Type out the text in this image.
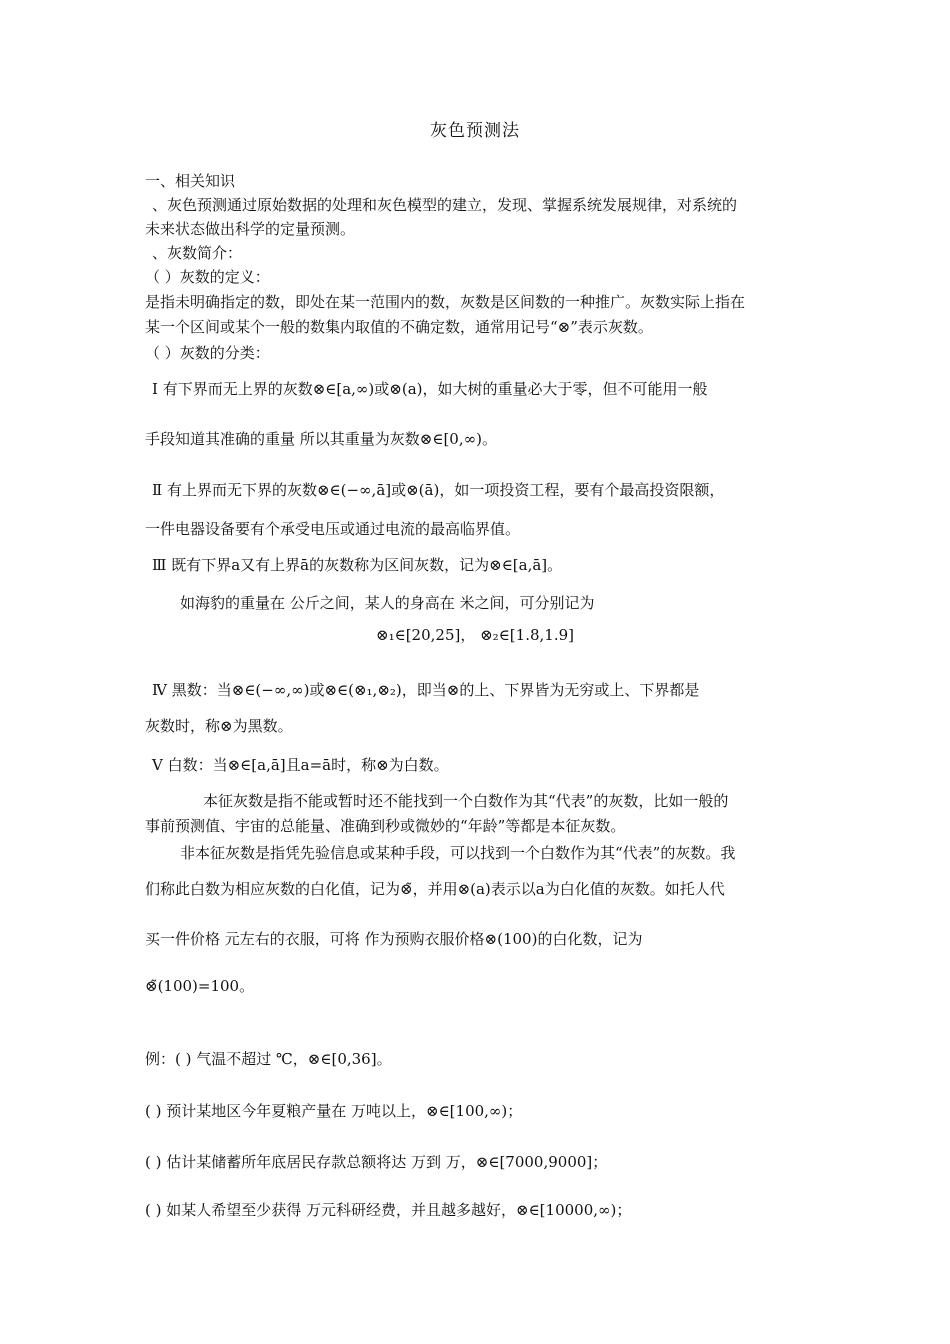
灰色预测法
一、相关知识
、灰色预测通过原始数据的处理和灰色模型的建立，发现、掌握系统发展规律，对系统的
未来状态做出科学的定量预测。
、灰数简介：
（ ）灰数的定义：
是指未明确指定的数，即处在某一范围内的数，灰数是区间数的一种推广。灰数实际上指在
某一个区间或某个一般的数集内取值的不确定数，通常用记号“⊗”表示灰数。
（ ）灰数的分类：
Ⅰ 有下界而无上界的灰数⊗∈[a,∞)或⊗(a)，如大树的重量必大于零，但不可能用一般
手段知道其准确的重量 所以其重量为灰数⊗∈[0,∞)。
Ⅱ 有上界而无下界的灰数⊗∈(−∞,ā]或⊗(ā)，如一项投资工程，要有个最高投资限额，
一件电器设备要有个承受电压或通过电流的最高临界值。
Ⅲ 既有下界a又有上界ā的灰数称为区间灰数，记为⊗∈[a,ā]。
如海豹的重量在 公斤之间，某人的身高在 米之间，可分别记为
⊗₁∈[20,25]， ⊗₂∈[1.8,1.9]
Ⅳ 黑数：当⊗∈(−∞,∞)或⊗∈(⊗₁,⊗₂)，即当⊗的上、下界皆为无穷或上、下界都是
灰数时，称⊗为黑数。
Ⅴ 白数：当⊗∈[a,ā]且a=ā时，称⊗为白数。
本征灰数是指不能或暂时还不能找到一个白数作为其“代表”的灰数，比如一般的
事前预测值、宇宙的总能量、准确到秒或微妙的“年龄”等都是本征灰数。
非本征灰数是指凭先验信息或某种手段，可以找到一个白数作为其“代表”的灰数。我
们称此白数为相应灰数的白化值，记为⊗̃，并用⊗(a)表示以a为白化值的灰数。如托人代
买一件价格 元左右的衣服，可将 作为预购衣服价格⊗(100)的白化数，记为
⊗̃(100)=100。
例：( ) 气温不超过 ℃，⊗∈[0,36]。
( ) 预计某地区今年夏粮产量在 万吨以上，⊗∈[100,∞)；
( ) 估计某储蓄所年底居民存款总额将达 万到 万，⊗∈[7000,9000]；
( ) 如某人希望至少获得 万元科研经费，并且越多越好，⊗∈[10000,∞)；
